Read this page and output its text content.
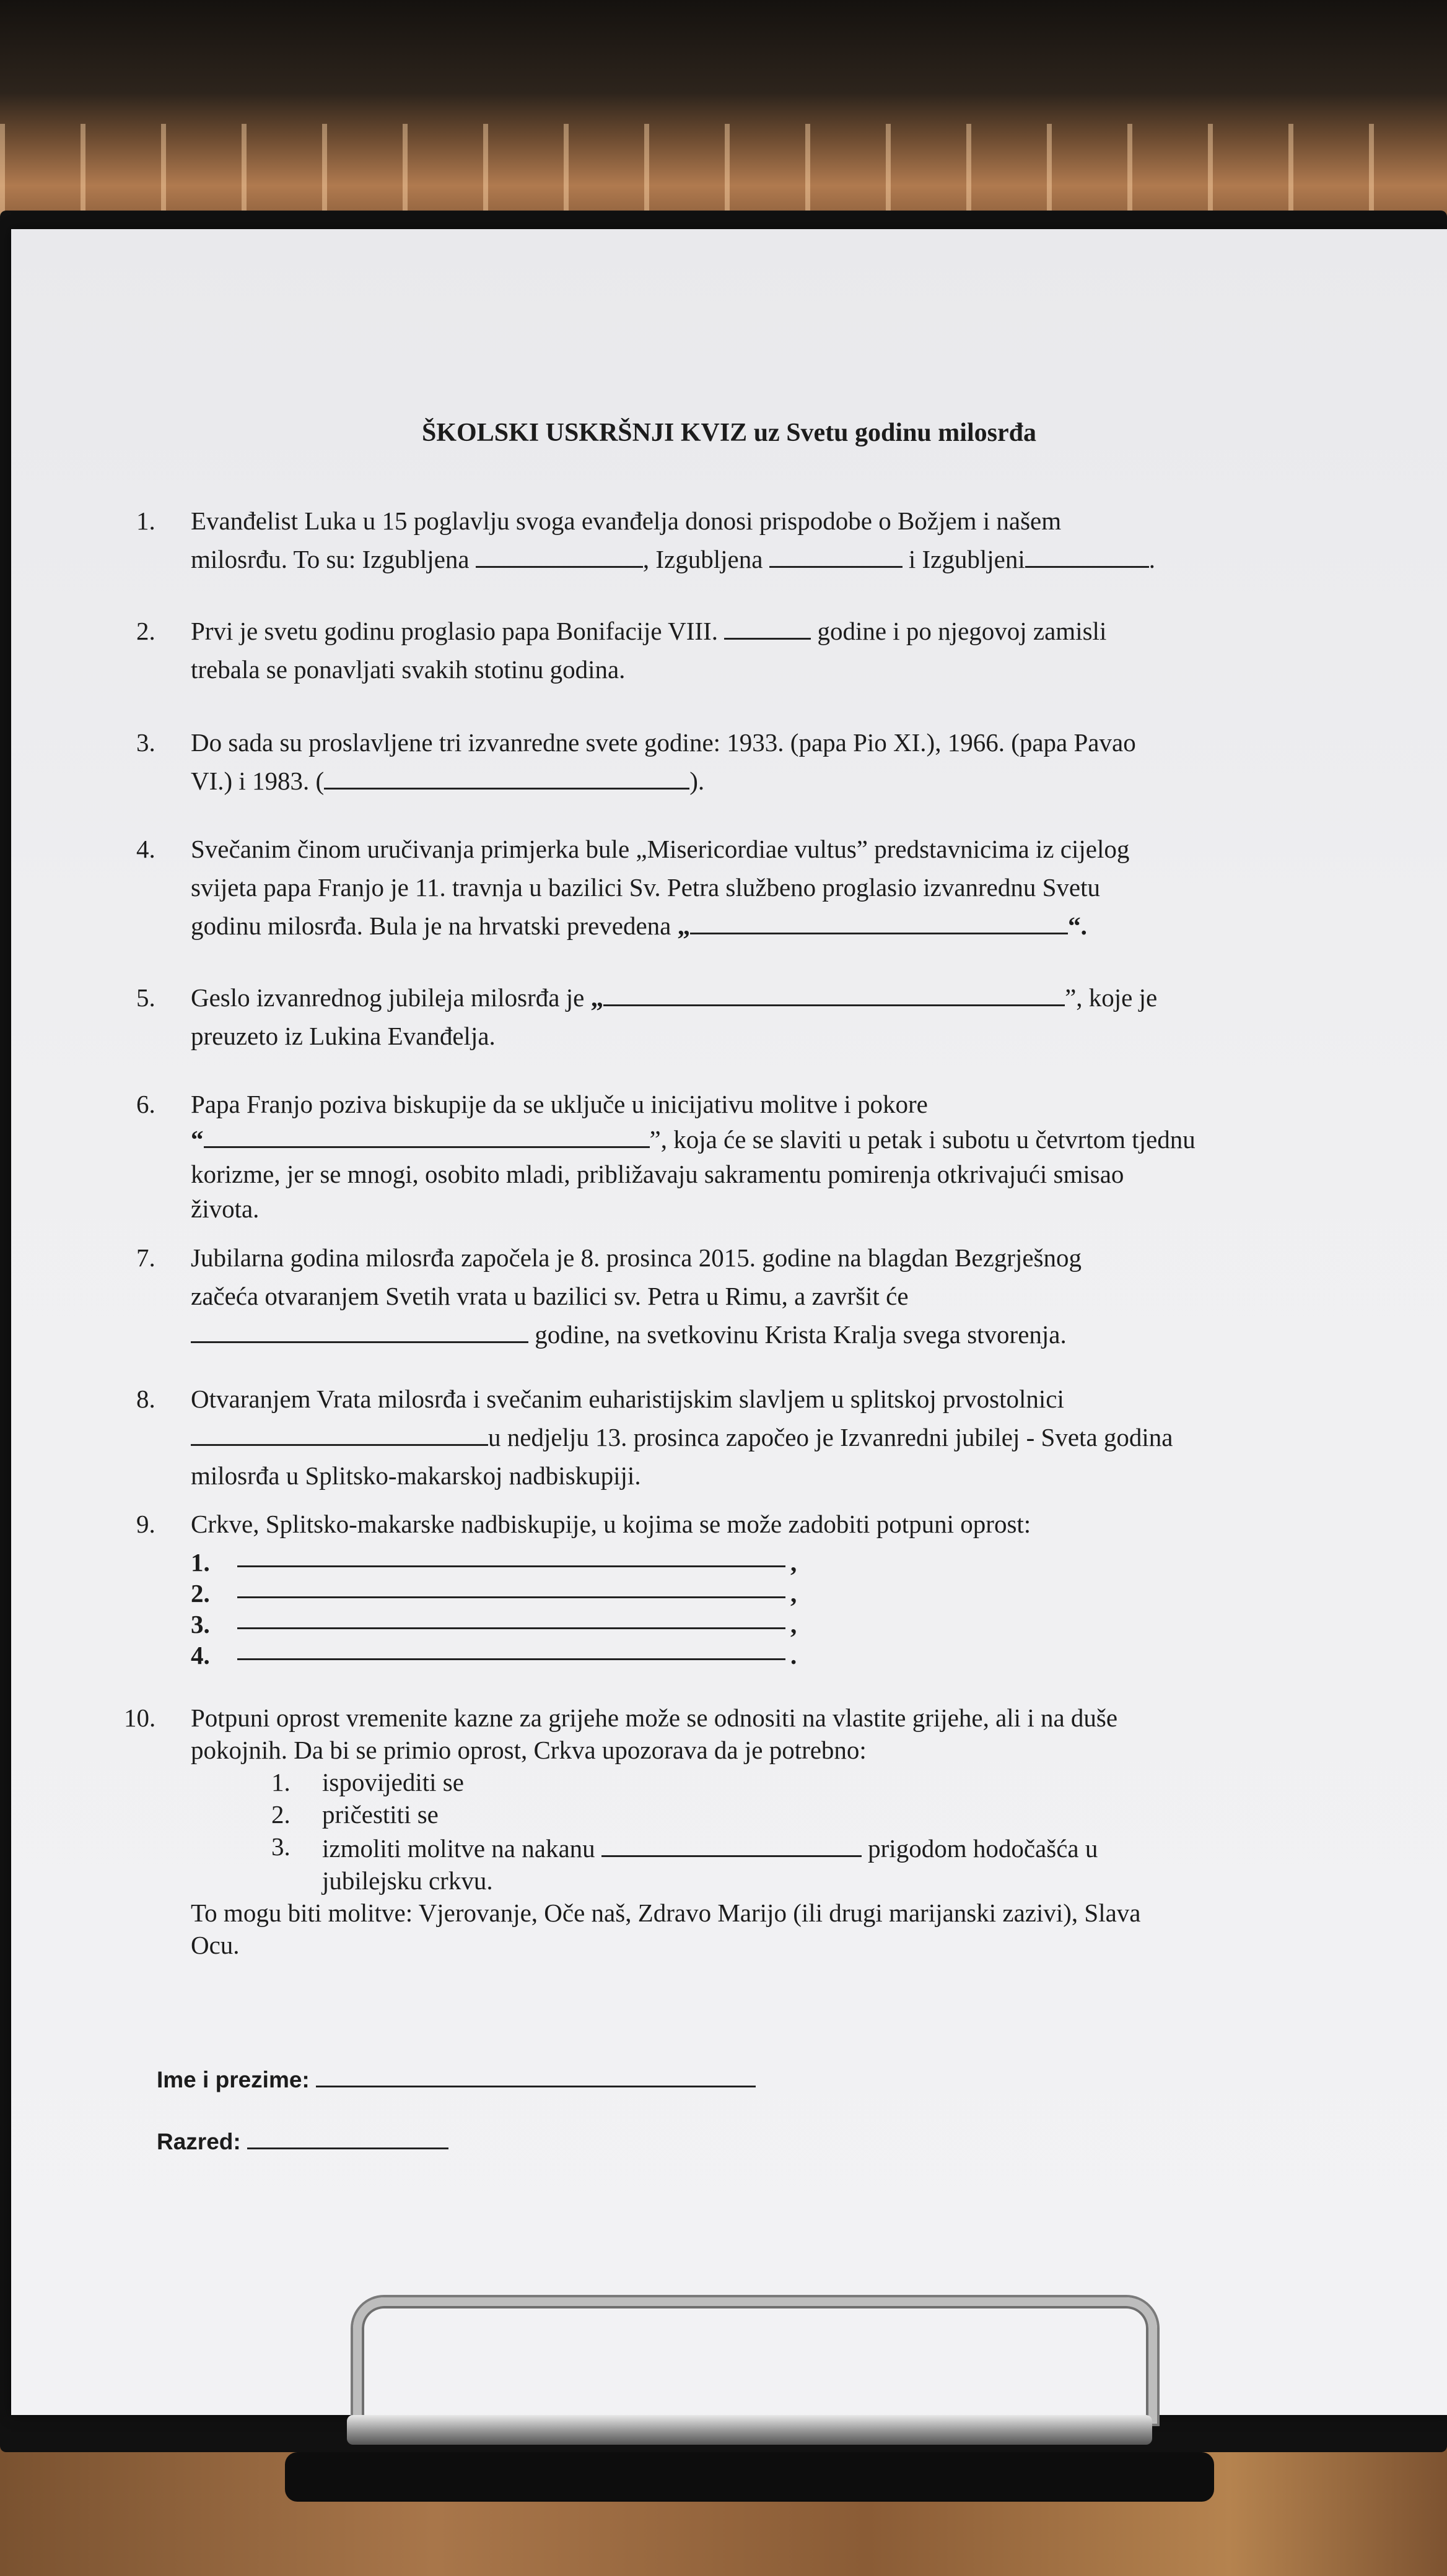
ŠKOLSKI USKRŠNJI KVIZ uz Svetu godinu milosrđa
1. Evanđelist Luka u 15 poglavlju svoga evanđelja donosi prispodobe o Božjem i našem
milosrđu. To su: Izgubljena	, Izgubljena	i Izgubljeni	.
2. Prvi je svetu godinu proglasio papa Bonifacije VIII.	godine i po njegovoj zamisli
trebala se ponavljati svakih stotinu godina.
3. Do sada su proslavljene tri izvanredne svete godine: 1933. (papa Pio XI.), 1966. (papa Pavao
VI.) i 1983. (	).
4. Svečanim činom uručivanja primjerka bule „Misericordiae vultus” predstavnicima iz cijelog
svijeta papa Franjo je 11. travnja u bazilici Sv. Petra službeno proglasio izvanrednu Svetu
godinu milosrđa. Bula je na hrvatski prevedena „	“.
5. Geslo izvanrednog jubileja milosrđa je „	”, koje je
preuzeto iz Lukina Evanđelja.
6. Papa Franjo poziva biskupije da se uključe u inicijativu molitve i pokore
“	”, koja će se slaviti u petak i subotu u četvrtom tjednu
korizme, jer se mnogi, osobito mladi, približavaju sakramentu pomirenja otkrivajući smisao
života.
7. Jubilarna godina milosrđa započela je 8. prosinca 2015. godine na blagdan Bezgrješnog
začeća otvaranjem Svetih vrata u bazilici sv. Petra u Rimu, a završit će
godine, na svetkovinu Krista Kralja svega stvorenja.
8. Otvaranjem Vrata milosrđa i svečanim euharistijskim slavljem u splitskoj prvostolnici
u nedjelju 13. prosinca započeo je Izvanredni jubilej - Sveta godina
milosrđa u Splitsko-makarskoj nadbiskupiji.
9. Crkve, Splitsko-makarske nadbiskupije, u kojima se može zadobiti potpuni oprost:
1.	,
2.	,
3.	,
4.	.
10. Potpuni oprost vremenite kazne za grijehe može se odnositi na vlastite grijehe, ali i na duše
pokojnih. Da bi se primio oprost, Crkva upozorava da je potrebno:
1. ispovijediti se
2. pričestiti se
3. izmoliti molitve na nakanu	prigodom hodočašća u
jubilejsku crkvu.
To mogu biti molitve: Vjerovanje, Oče naš, Zdravo Marijo (ili drugi marijanski zazivi), Slava
Ocu.
Ime i prezime:
Razred:
